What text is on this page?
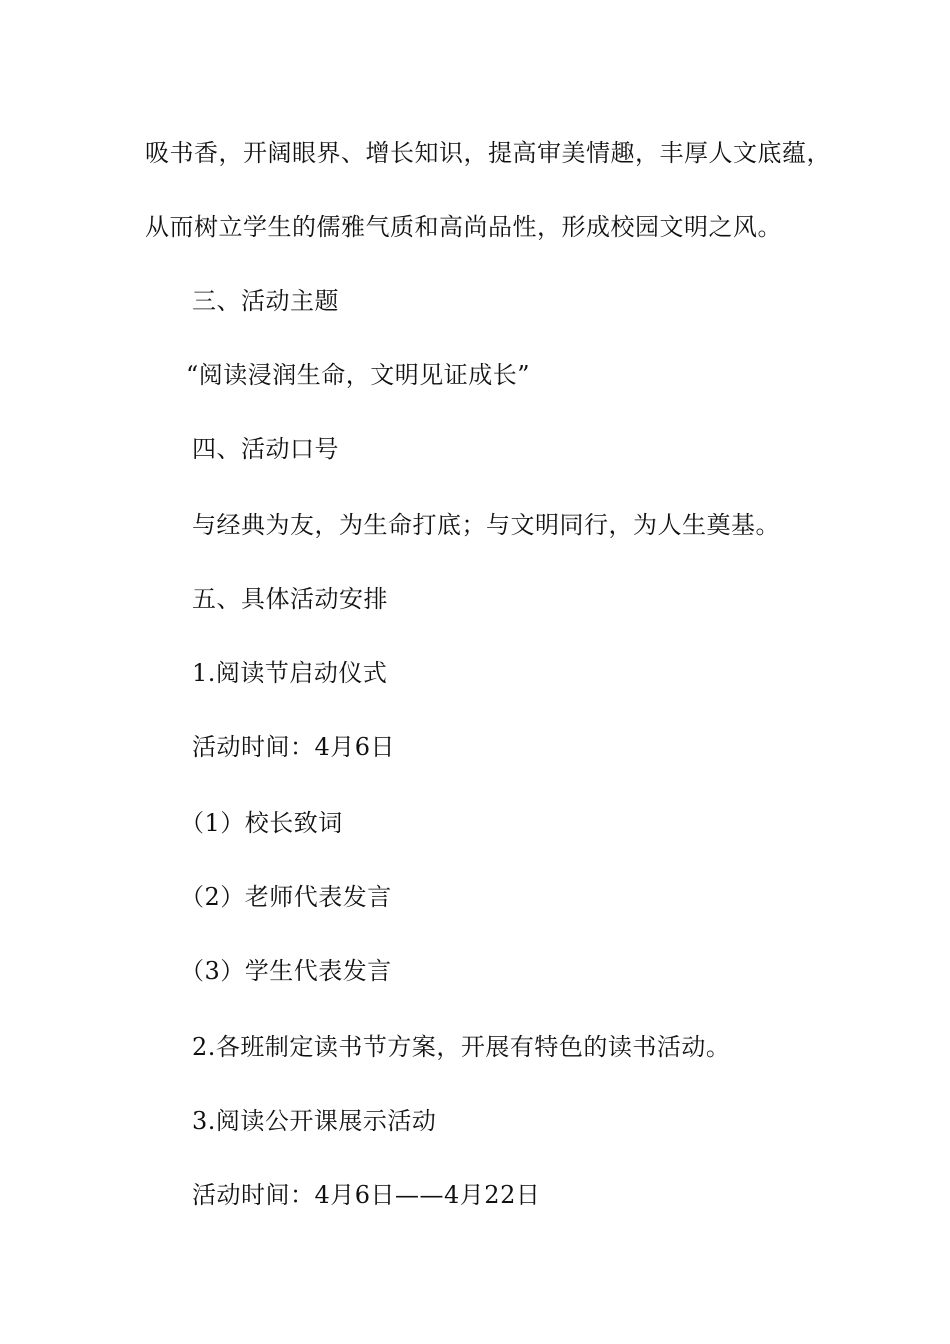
吸书香，开阔眼界、增长知识，提高审美情趣，丰厚人文底蕴，
从而树立学生的儒雅气质和高尚品性，形成校园文明之风。
三、活动主题
“阅读浸润生命，文明见证成长”
四、活动口号
与经典为友，为生命打底；与文明同行，为人生奠基。
五、具体活动安排
1.阅读节启动仪式
活动时间：4月6日
（1）校长致词
（2）老师代表发言
（3）学生代表发言
2.各班制定读书节方案，开展有特色的读书活动。
3.阅读公开课展示活动
活动时间：4月6日——4月22日
